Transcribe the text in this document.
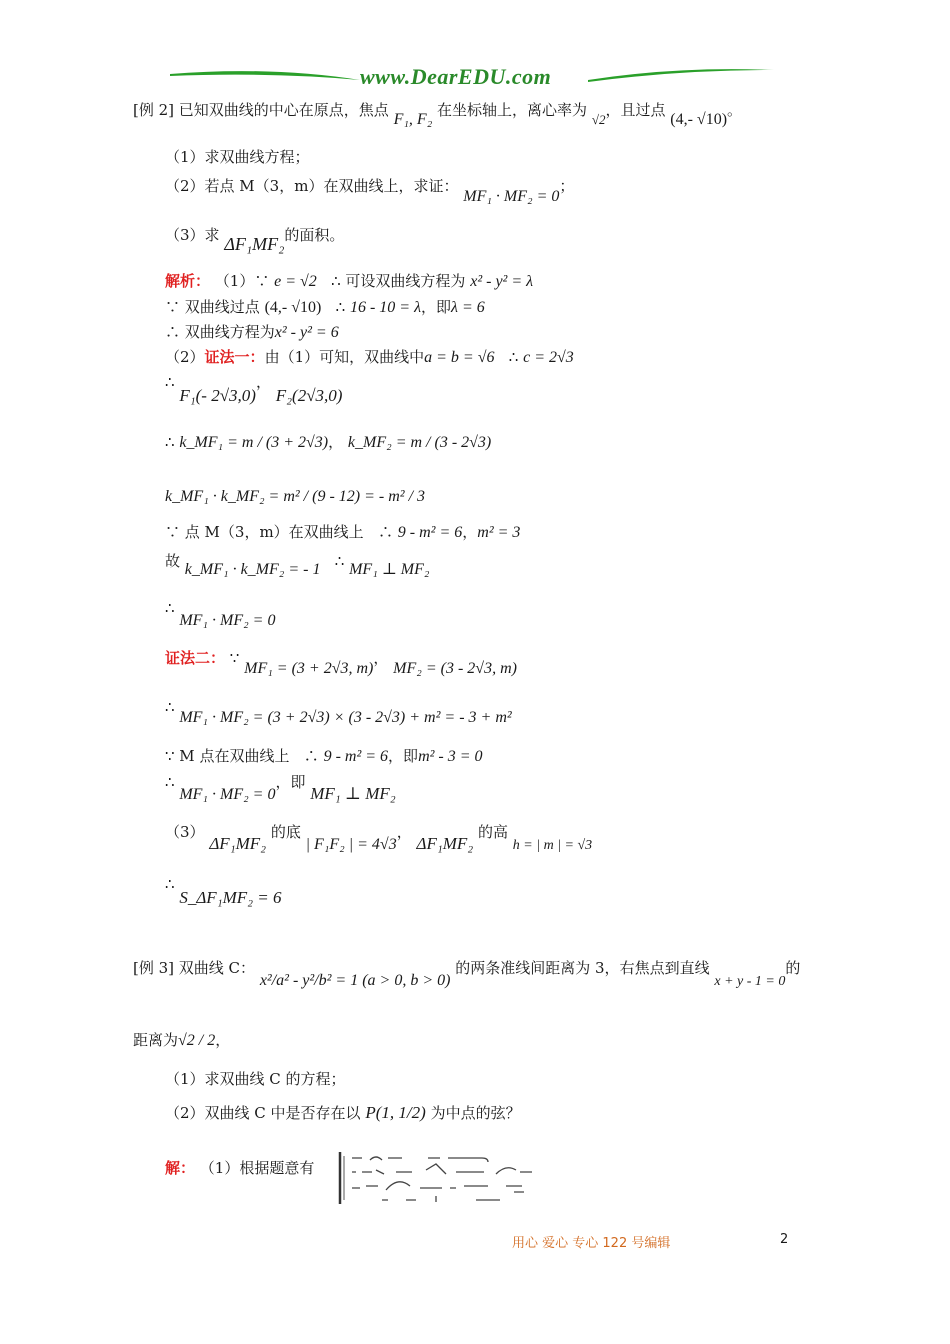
www.DearEDU.com
[例 2] 已知双曲线的中心在原点，焦点 F₁, F₂ 在坐标轴上，离心率为 √2，且过点 (4,- √10)。
（1）求双曲线方程；
（2）若点 M（3，m）在双曲线上，求证： MF₁ · MF₂ = 0；
（3）求 ΔF₁MF₂的面积。
解析： （1）∵ e = √2 ∴ 可设双曲线方程为 x² - y² = λ
∵ 双曲线过点 (4,- √10) ∴ 16 - 10 = λ，即λ = 6
∴ 双曲线方程为x² - y² = 6
（2）证法一：由（1）可知，双曲线中a = b = √6 ∴ c = 2√3
∴ F₁(- 2√3,0)， F₂(2√3,0)
∴ k_MF₁ = m / (3 + 2√3)， k_MF₂ = m / (3 - 2√3)
k_MF₁ · k_MF₂ = m² / (9 - 12) = - m² / 3
∵ 点 M（3，m）在双曲线上 ∴ 9 - m² = 6，m² = 3
故 k_MF₁ · k_MF₂ = - 1 ∴ MF₁ ⊥ MF₂
∴ MF₁ · MF₂ = 0
证法二： ∵ MF₁ = (3 + 2√3, m)， MF₂ = (3 - 2√3, m)
∴ MF₁ · MF₂ = (3 + 2√3) × (3 - 2√3) + m² = - 3 + m²
∵ M 点在双曲线上 ∴ 9 - m² = 6，即m² - 3 = 0
∴ MF₁ · MF₂ = 0，即 MF₁ ⊥ MF₂
（3） ΔF₁MF₂ 的底 | F₁F₂ | = 4√3， ΔF₁MF₂ 的高 h = | m | = √3
∴ S_ΔF₁MF₂ = 6
[例 3] 双曲线 C： x²/a² - y²/b² = 1 (a > 0, b > 0) 的两条准线间距离为 3，右焦点到直线 x + y - 1 = 0的
距离为√2 / 2，
（1）求双曲线 C 的方程；
（2）双曲线 C 中是否存在以 P(1, 1/2) 为中点的弦？
解： （1）根据题意有
用心 爱心 专心 122 号编辑	2
